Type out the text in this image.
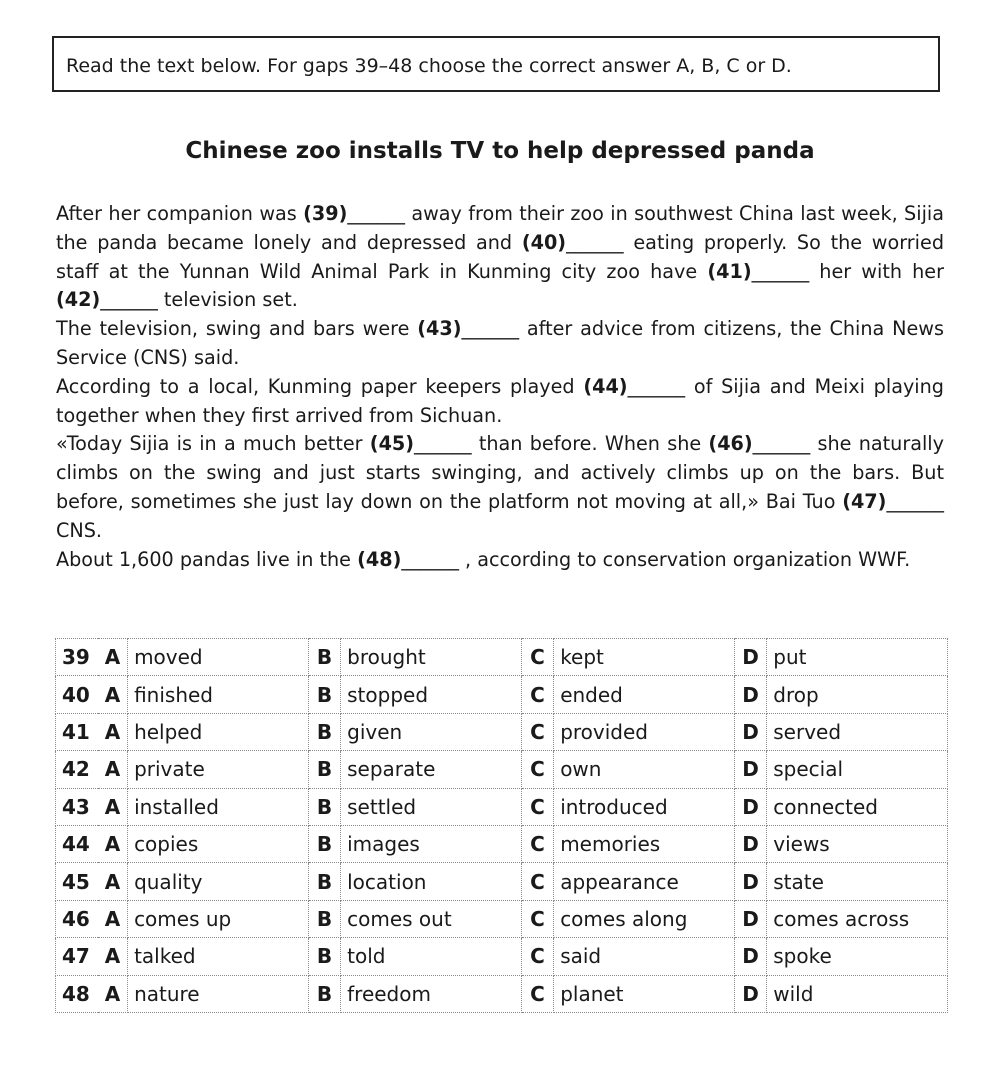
Read the text below. For gaps 39–48 choose the correct answer A, B, C or D.
Chinese zoo installs TV to help depressed panda

After her companion was (39)______ away from their zoo in southwest China last week, Sijia the panda became lonely and depressed and (40)______ eating properly. So the worried staff at the Yunnan Wild Animal Park in Kunming city zoo have (41)______ her with her (42)______ television set.

The television, swing and bars were (43)______ after advice from citizens, the China News Service (CNS) said.

According to a local, Kunming paper keepers played (44)______ of Sijia and Meixi playing together when they first arrived from Sichuan.

«Today Sijia is in a much better (45)______ than before. When she (46)______ she naturally climbs on the swing and just starts swinging, and actively climbs up on the bars. But before, sometimes she just lay down on the platform not moving at all,» Bai Tuo (47)______ CNS.

About 1,600 pandas live in the (48)______ , according to conservation organization WWF.

39	A	moved	B	brought	C	kept	D	put
40	A	finished	B	stopped	C	ended	D	drop
41	A	helped	B	given	C	provided	D	served
42	A	private	B	separate	C	own	D	special
43	A	installed	B	settled	C	introduced	D	connected
44	A	copies	B	images	C	memories	D	views
45	A	quality	B	location	C	appearance	D	state
46	A	comes up	B	comes out	C	comes along	D	comes across
47	A	talked	B	told	C	said	D	spoke
48	A	nature	B	freedom	C	planet	D	wild
